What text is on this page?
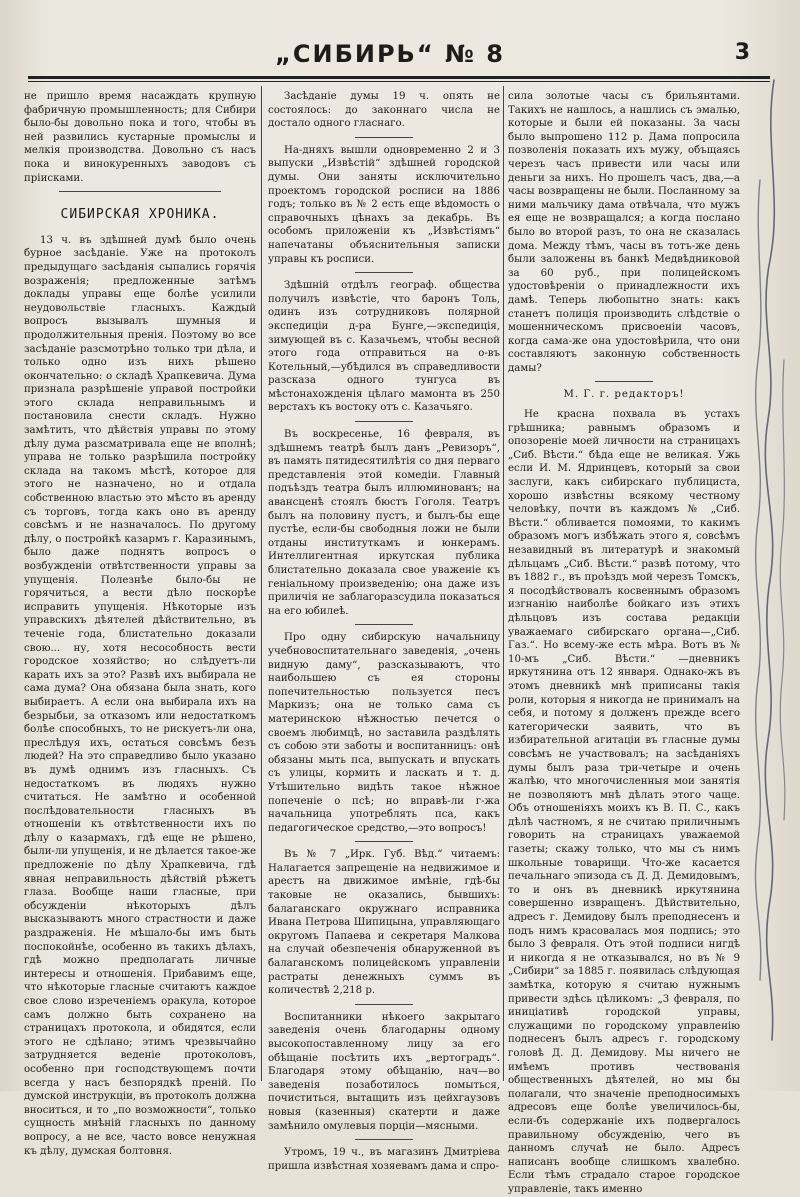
„СИБИРЬ“ № 8	3

не пришло время насаждать крупную фабричную промышленность; для Сибири было-бы довольно пока и того, чтобы въ ней развились кустарные промыслы и мелкія производства. Довольно съ насъ пока и винокуренныхъ заводовъ съ пріисками.

СИБИРСКАЯ ХРОНИКА.

13 ч. въ здѣшней думѣ было очень бурное засѣданіе. Уже на протоколъ предыдущаго засѣданія сыпались горячія возраженія; предложенные затѣмъ доклады управы еще болѣе усилили неудовольствіе гласныхъ. Каждый вопросъ вызывалъ шумныя и продолжительныя пренія. Поэтому во все засѣданіе разсмотрѣно только три дѣла, и только одно изъ нихъ рѣшено окончательно: о складѣ Храпкевича. Дума признала разрѣшеніе управой постройки этого склада неправильнымъ и постановила снести складъ. Нужно замѣтить, что дѣйствія управы по этому дѣлу дума разсматривала еще не вполнѣ; управа не только разрѣшила постройку склада на такомъ мѣстѣ, которое для этого не назначено, но и отдала собственною властью это мѣсто въ аренду съ торговъ, тогда какъ оно въ аренду совсѣмъ и не назначалось. По другому дѣлу, о постройкѣ казармъ г. Каразинымъ, было даже поднятъ вопросъ о возбужденіи отвѣтственности управы за упущенія. Полезнѣе было-бы не горячиться, а вести дѣло поскорѣе исправить упущенія. Нѣкоторые изъ управскихъ дѣятелей дѣйствительно, въ теченіе года, блистательно доказали свою... ну, хотя несособность вести городское хозяйство; но слѣдуетъ-ли карать ихъ за это? Развѣ ихъ выбирала не сама дума? Она обязана была знать, кого выбираетъ. А если она выбирала ихъ на безрыбьи, за отказомъ или недостаткомъ болѣе способныхъ, то не рискуетъ-ли она, преслѣдуя ихъ, остаться совсѣмъ безъ людей? На это справедливо было указано въ думѣ однимъ изъ гласныхъ. Съ недостаткомъ въ людяхъ нужно считаться. Не замѣтно и особенной послѣдовательности гласныхъ въ отношеніи къ отвѣтственности ихъ по дѣлу о казармахъ, гдѣ еще не рѣшено, были-ли упущенія, и не дѣлается такое-же предложеніе по дѣлу Храпкевича, гдѣ явная неправильность дѣйствій рѣжетъ глаза. Вообще наши гласные, при обсужденіи нѣкоторыхъ дѣлъ высказываютъ много страстности и даже раздраженія. Не мѣшало-бы имъ быть поспокойнѣе, особенно въ такихъ дѣлахъ, гдѣ можно предполагать личные интересы и отношенія. Прибавимъ еще, что нѣкоторые гласные считаютъ каждое свое слово изреченіемъ оракула, которое самъ должно быть сохранено на страницахъ протокола, и обидятся, если этого не сдѣлано; этимъ чрезвычайно затрудняется веденіе протоколовъ, особенно при господствующемъ почти всегда у насъ безпорядкѣ преній. По думской инструкціи, въ протоколъ должна вноситься, и то „по возможности“, только сущность мнѣній гласныхъ по данному вопросу, а не все, часто вовсе ненужная къ дѣлу, думская болтовня.

Засѣданіе думы 19 ч. опять не состоялось: до законнаго числа не достало одного гласнаго.

На-дняхъ вышли одновременно 2 и 3 выпуски „Извѣстій“ здѣшней городской думы. Они заняты исключительно проектомъ городской росписи на 1886 годъ; только въ № 2 есть еще вѣдомость о справочныхъ цѣнахъ за декабрь. Въ особомъ приложеніи къ „Извѣстіямъ“ напечатаны объяснительныя записки управы къ росписи.

Здѣшній отдѣлъ географ. общества получилъ извѣстіе, что баронъ Толь, одинъ изъ сотрудниковъ полярной экспедиціи д-ра Бунге,—экспедиція, зимующей въ с. Казачьемъ, чтобы весной этого года отправиться на о-въ Котельный,—убѣдился въ справедливости разсказа одного тунгуса въ мѣстонахожденія цѣлаго мамонта въ 250 верстахъ къ востоку отъ с. Казачьяго.

Въ воскресенье, 16 февраля, въ здѣшнемъ театрѣ былъ данъ „Ревизоръ“, въ память пятидесятилѣтія со дня перваго представленія этой комедіи. Главный подъѣздъ театра былъ иллюминованъ; на авансценѣ стоялъ бюстъ Гоголя. Театръ былъ на половину пустъ, и былъ-бы еще пустѣе, если-бы свободныя ложи не были отданы институткамъ и юнкерамъ. Интеллигентная иркутская публика блистательно доказала свое уваженіе къ геніальному произведенію; она даже изъ приличія не заблагоразсудила показаться на его юбилеѣ.

Про одну сибирскую начальницу учебновоспитательнаго заведенія, „очень видную даму“, разсказываютъ, что наибольшею съ ея стороны попечительностью пользуется песъ Маркизъ; она не только сама съ материнскою нѣжностью печется о своемъ любимцѣ, но заставила раздѣлять съ собою эти заботы и воспитанницъ: онѣ обязаны мыть пса, выпускать и впускать съ улицы, кормить и ласкать и т. д. Утѣшительно видѣть такое нѣжное попеченіе о псѣ; но вправѣ-ли г-жа начальница употреблять пса, какъ педагогическое средство,—это вопросъ!

Въ № 7 „Ирк. Губ. Вѣд.“ читаемъ: Налагается запрещеніе на недвижимое и арестъ на движимое имѣніе, гдѣ-бы таковые не оказались, бывшихъ: балаганскаго окружнаго исправника Ивана Петрова Шипицына, управляющаго округомъ Папаева и секретаря Малкова на случай обезпеченія обнаруженной въ балаганскомъ полицейскомъ управленіи растраты денежныхъ суммъ въ количествѣ 2,218 р.

Воспитанники нѣкоего закрытаго заведенія очень благодарны одному высокопоставленному лицу за его обѣщаніе посѣтить ихъ „вертоградъ“. Благодаря этому обѣщанію, нач—во заведенія позаботилось помыться, почиститься, вытащить изъ цейхгаузовъ новыя (казенныя) скатерти и даже замѣнило омулевыя порціи—мясными.

Утромъ, 19 ч., въ магазинъ Дмитріева пришла извѣстная хозяевамъ дама и спро-

сила золотые часы съ брильянтами. Такихъ не нашлось, а нашлись съ эмалью, которые и были ей показаны. За часы было выпрошено 112 р. Дама попросила позволенія показать ихъ мужу, объщаясь черезъ часъ привести или часы или деньги за нихъ. Но прошелъ часъ, два,—а часы возвращены не были. Посланному за ними мальчику дама отвѣчала, что мужъ ея еще не возвращался; а когда послано было во второй разъ, то она не сказалась дома. Между тѣмъ, часы въ тотъ-же день были заложены въ банкѣ Медвѣдниковой за 60 руб., при полицейскомъ удостовѣреніи о принадлежности ихъ дамѣ. Теперь любопытно знать: какъ станетъ полиція производить слѣдствіе о мошенническомъ присвоеніи часовъ, когда сама-же она удостовѣрила, что они составляютъ законную собственность дамы?

М. Г. г. редакторъ!

Не красна похвала въ устахъ грѣшника; равнымъ образомъ и опозореніе моей личности на страницахъ „Сиб. Вѣсти.“ бѣда еще не великая. Ужь если И. М. Ядринцевъ, который за свои заслуги, какъ сибирскаго публициста, хорошо извѣстны всякому честному человѣку, почти въ каждомъ № „Сиб. Вѣсти.“ обливается помоями, то какимъ образомъ могъ избѣжать этого я, совсѣмъ незавидный въ литературѣ и знакомый дѣльцамъ „Сиб. Вѣсти.“ развѣ потому, что въ 1882 г., въ проѣздъ мой черезъ Томскъ, я посодѣйствовалъ косвеннымъ образомъ изгнанію наиболѣе бойкаго изъ этихъ дѣльцовъ изъ состава редакціи уважаемаго сибирскаго органа—„Сиб. Газ.“. Но всему-же есть мѣра. Вотъ въ № 10-мъ „Сиб. Вѣсти.“ —дневникъ иркутянина отъ 12 января. Однако-жъ въ этомъ дневникѣ мнѣ приписаны такія роли, которыя я никогда не принималъ на себя, и потому я долженъ прежде всего категорически заявить, что въ избирательной агитаціи въ гласные думы совсѣмъ не участвовалъ; на засѣданіяхъ думы былъ раза три-четыре и очень жалѣю, что многочисленныя мои занятія не позволяютъ мнѣ дѣлать этого чаще. Объ отношеніяхъ моихъ къ В. П. С., какъ дѣлѣ частномъ, я не считаю приличнымъ говорить на страницахъ уважаемой газеты; скажу только, что мы съ нимъ школьные товарищи. Что-же касается печальнаго эпизода съ Д. Д. Демидовымъ, то и онъ въ дневникѣ иркутянина совершенно извращенъ. Дѣйствительно, адресъ г. Демидову былъ преподнесенъ и подъ нимъ красовалась моя подпись; это было 3 февраля. Отъ этой подписи нигдѣ и никогда я не отказывался, но въ № 9 „Сибири“ за 1885 г. появилась слѣдующая замѣтка, которую я считаю нужнымъ привести здѣсь цѣликомъ: „3 февраля, по иниціативѣ городской управы, служащими по городскому управленію поднесенъ былъ адресъ г. городскому головѣ Д. Д. Демидову. Мы ничего не имѣемъ противъ чествованія общественныхъ дѣятелей, но мы бы полагали, что значеніе преподносимыхъ адресовъ еще болѣе увеличилось-бы, если-бъ содержаніе ихъ подвергалось правильному обсужденію, чего въ данномъ случаѣ не было. Адресъ написанъ вообще слишкомъ хвалебно. Если тѣмъ страдало старое городское управленіе, такъ именно
